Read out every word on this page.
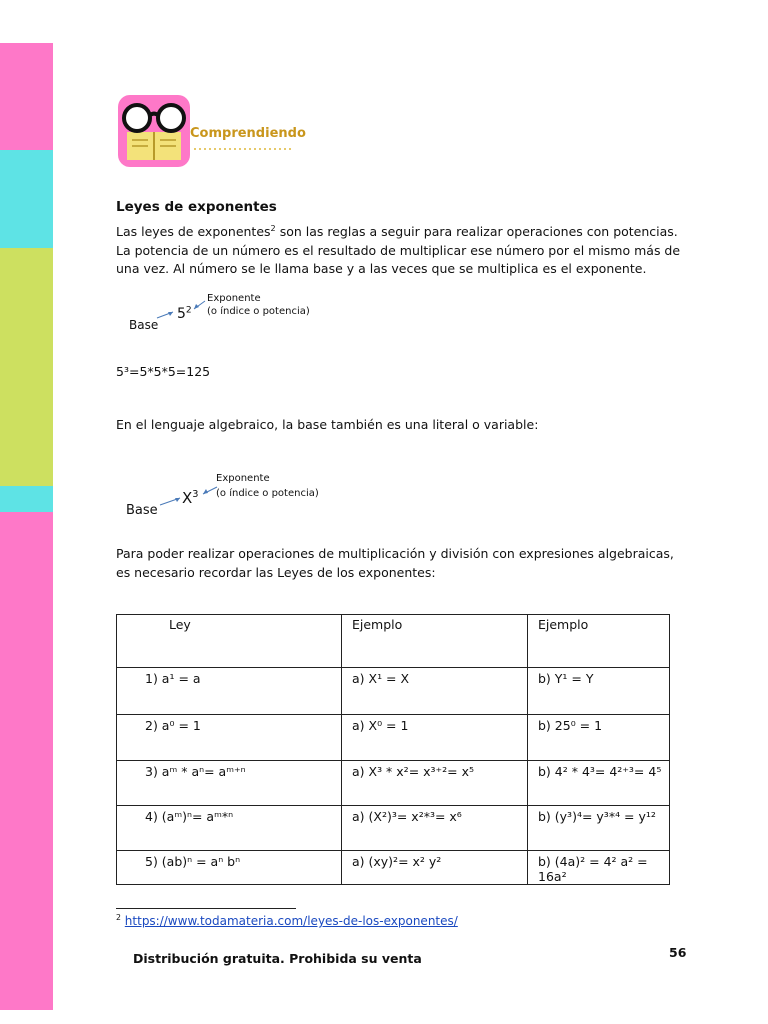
Comprendiendo
Leyes de exponentes
Las leyes de exponentes$^2$ son las reglas a seguir para realizar operaciones con potencias. La potencia de un número es el resultado de multiplicar ese número por el mismo más de una vez. Al número se le llama base y a las veces que se multiplica es el exponente.
Base
$5^2$
Exponente
(o índice o potencia)
5³=5*5*5=125
En el lenguaje algebraico, la base también es una literal o variable:
Base
$X^3$
Exponente
(o índice o potencia)
Para poder realizar operaciones de multiplicación y división con expresiones algebraicas, es necesario recordar las Leyes de los exponentes:
Ley	Ejemplo	Ejemplo
1) a¹ = a	a) X¹ = X	b) Y¹ = Y
2) a⁰ = 1	a) X⁰ = 1	b) 25⁰ = 1
3) aᵐ * aⁿ= aᵐ⁺ⁿ	a) X³ * x²= x³⁺²= x⁵	b) 4² * 4³= 4²⁺³= 4⁵
4) (aᵐ)ⁿ= aᵐ*ⁿ	a) (X²)³= x²*³= x⁶	b) (y³)⁴= y³*⁴ = y¹²
5) (ab)ⁿ = aⁿ bⁿ	a) (xy)²= x² y²	b) (4a)² = 4² a² = 16a²
$^2$ https://www.todamateria.com/leyes-de-los-exponentes/
Distribución gratuita. Prohibida su venta	56
